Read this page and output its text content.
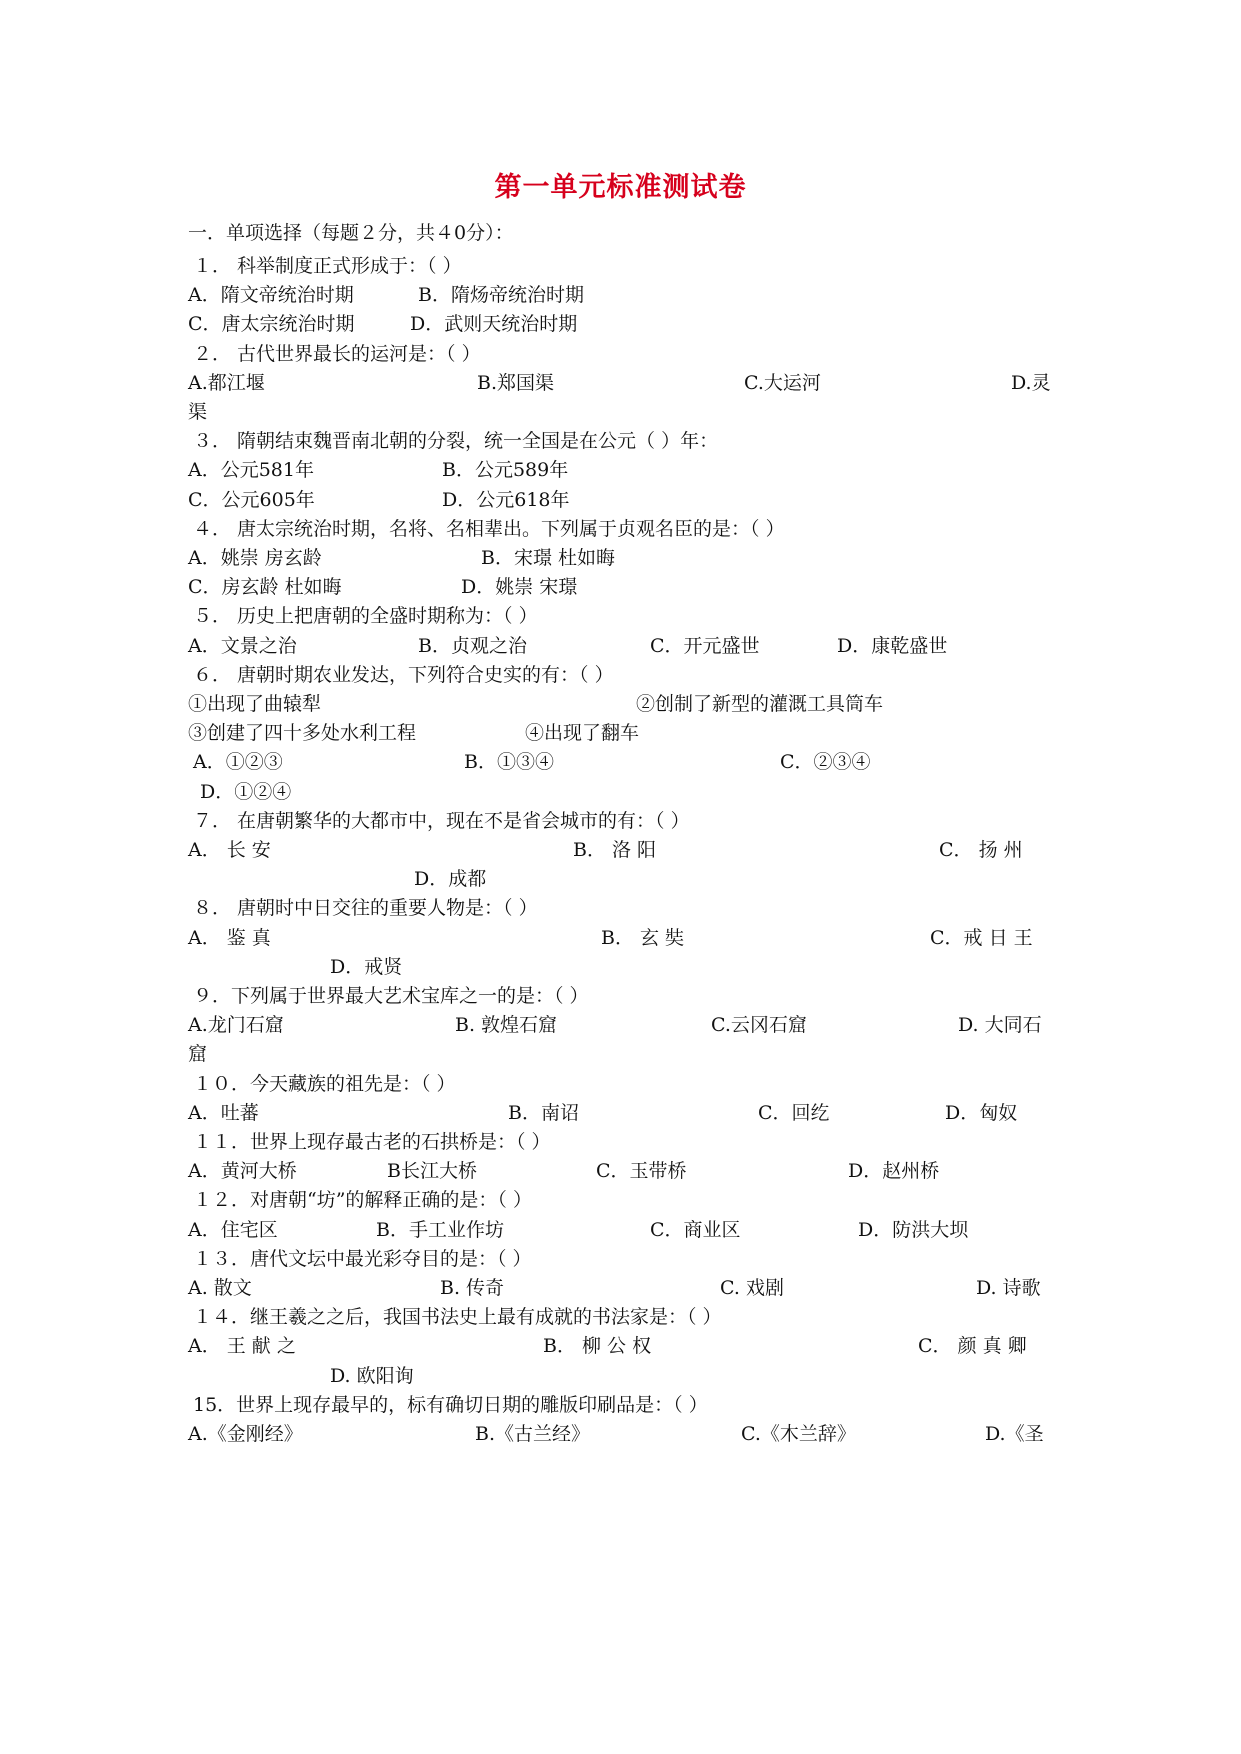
第一单元标准测试卷
一．单项选择（每题２分，共４0分）：
１． 科举制度正式形成于：（ ）
A．隋文帝统治时期	B．隋炀帝统治时期
C．唐太宗统治时期	D．武则天统治时期
２． 古代世界最长的运河是：（ ）
A.都江堰	B.郑国渠	C.大运河	D.灵
渠
３． 隋朝结束魏晋南北朝的分裂，统一全国是在公元（ ）年：
A．公元581年	B．公元589年
C．公元605年	D．公元618年
４． 唐太宗统治时期，名将、名相辈出。下列属于贞观名臣的是：（ ）
A．姚崇 房玄龄	B．宋璟 杜如晦
C．房玄龄 杜如晦	D．姚崇 宋璟
５． 历史上把唐朝的全盛时期称为：（ ）
A．文景之治	B．贞观之治	C．开元盛世	D．康乾盛世
６． 唐朝时期农业发达，下列符合史实的有：（ ）
①出现了曲辕犁	②创制了新型的灌溉工具筒车
③创建了四十多处水利工程	④出现了翻车
A．①②③	B．①③④	C．②③④
D．①②④
７． 在唐朝繁华的大都市中，现在不是省会城市的有：（ ）
A． 长 安	B． 洛 阳	C． 扬 州
D．成都
８． 唐朝时中日交往的重要人物是：（ ）
A． 鉴 真	B． 玄 奘	C．戒 日 王
D．戒贤
９．下列属于世界最大艺术宝库之一的是：（ ）
A.龙门石窟	B. 敦煌石窟	C.云冈石窟	D. 大同石
窟
１０．今天藏族的祖先是：（ ）
A．吐蕃	B．南诏	C．回纥	D．匈奴
１１．世界上现存最古老的石拱桥是：（ ）
A．黄河大桥	B长江大桥	C．玉带桥	D．赵州桥
１２．对唐朝“坊”的解释正确的是：（ ）
A．住宅区	B．手工业作坊	C．商业区	D．防洪大坝
１３．唐代文坛中最光彩夺目的是：（ ）
A. 散文	B. 传奇	C. 戏剧	D. 诗歌
１４．继王羲之之后，我国书法史上最有成就的书法家是：（ ）
A． 王 献 之	B． 柳 公 权	C． 颜 真 卿
D. 欧阳询
15．世界上现存最早的，标有确切日期的雕版印刷品是：（ ）
A.《金刚经》	B.《古兰经》	C.《木兰辞》	D.《圣
